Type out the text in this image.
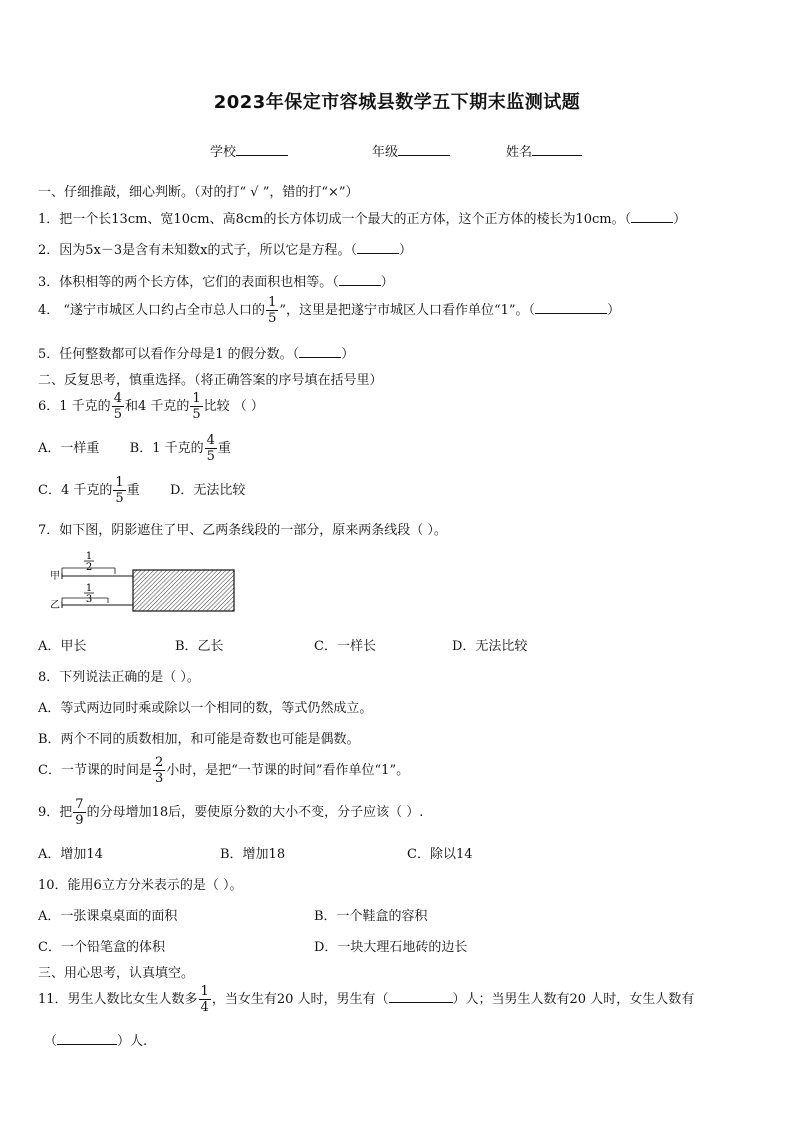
2023年保定市容城县数学五下期末监测试题
学校	年级	姓名
一、仔细推敲，细心判断。（对的打“ √ ”，错的打“×”）
1．把一个长13cm、宽10cm、高8cm的长方体切成一个最大的正方体，这个正方体的棱长为10cm。（	）
2．因为5x－3是含有未知数x的式子，所以它是方程。（	）
3．体积相等的两个长方体，它们的表面积也相等。（	）
4． “遂宁市城区人口约占全市总人口的 $\frac{1}{5}$ ”，这里是把遂宁市城区人口看作单位“1”。（	）
5．任何整数都可以看作分母是1 的假分数。（	）
二、反复思考，慎重选择。（将正确答案的序号填在括号里）
6．1 千克的 $\frac{4}{5}$ 和4 千克的 $\frac{1}{5}$ 比较 （ ）
A．一样重 B．1 千克的 $\frac{4}{5}$ 重
C．4 千克的 $\frac{1}{5}$ 重 D．无法比较
7．如下图，阴影遮住了甲、乙两条线段的一部分，原来两条线段（ ）。
1
2
甲
1
3
乙
A．甲长	B．乙长	C．一样长	D．无法比较
8．下列说法正确的是（ ）。
A．等式两边同时乘或除以一个相同的数，等式仍然成立。
B．两个不同的质数相加，和可能是奇数也可能是偶数。
C．一节课的时间是 $\frac{2}{3}$ 小时，是把“一节课的时间”看作单位“1”。
9．把 $\frac{7}{9}$ 的分母增加18后，要使原分数的大小不变，分子应该（ ）.
A．增加14	B．增加18	C．除以14
10．能用6立方分米表示的是（ ）。
A．一张课桌桌面的面积	B．一个鞋盒的容积
C．一个铅笔盒的体积	D．一块大理石地砖的边长
三、用心思考，认真填空。
11．男生人数比女生人数多 $\frac{1}{4}$ ，当女生有20 人时，男生有（	）人；当男生人数有20 人时，女生人数有
（	）人.
